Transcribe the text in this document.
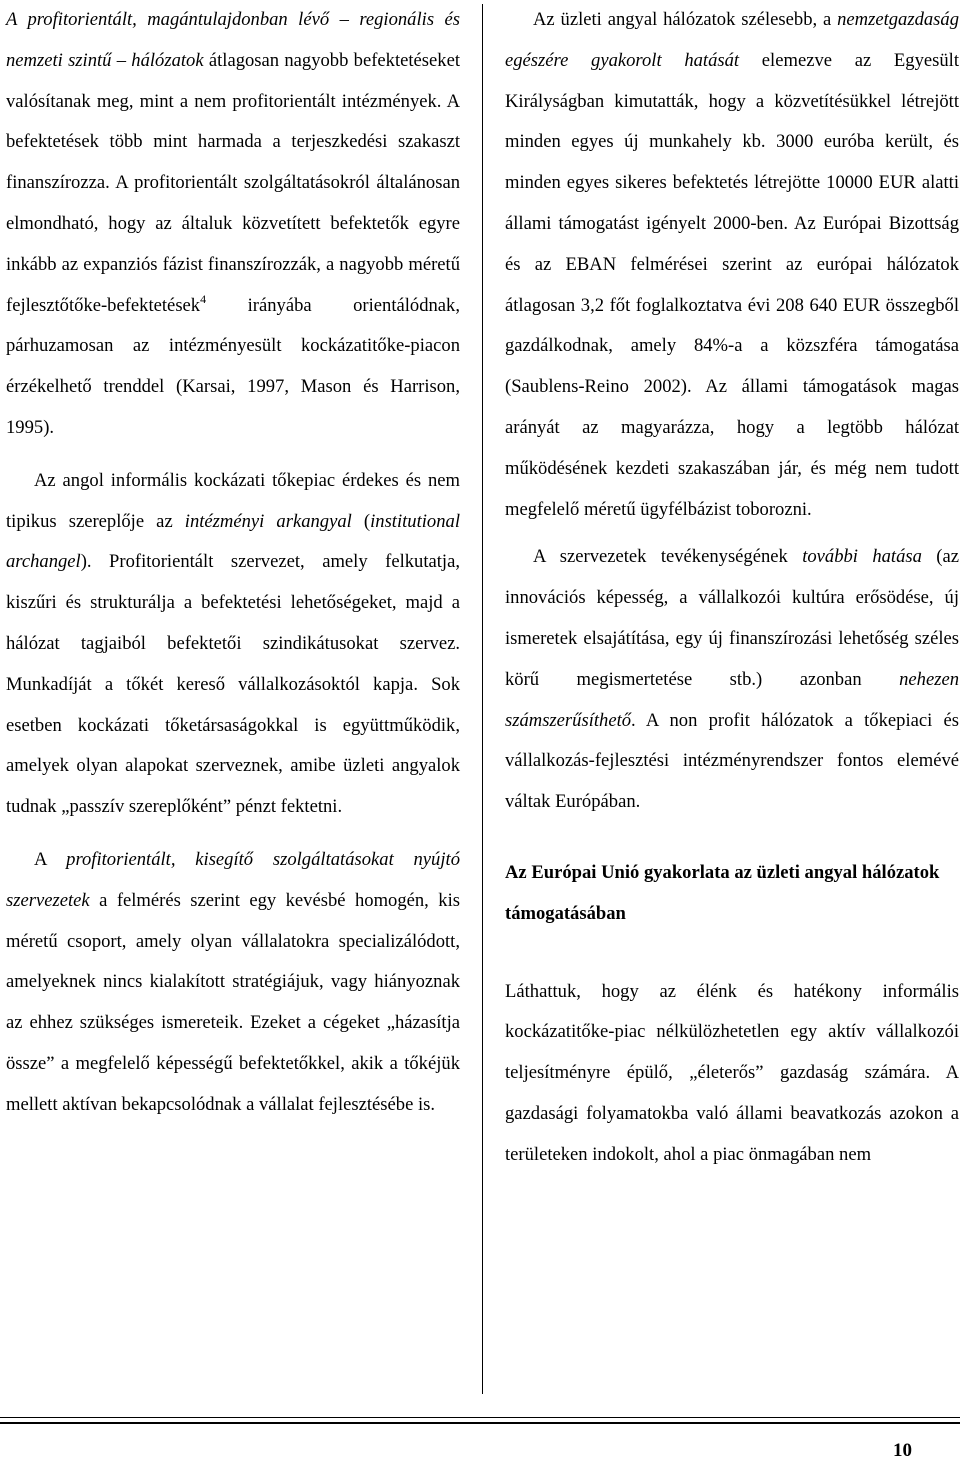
A profitorientált, magántulajdonban lévő – regionális és nemzeti szintű – hálózatok átlagosan nagyobb befektetéseket valósítanak meg, mint a nem profitorientált intézmények. A befektetések több mint harmada a terjeszkedési szakaszt finanszírozza. A profitorientált szolgáltatásokról általánosan elmondható, hogy az általuk közvetített befektetők egyre inkább az expanziós fázist finanszírozzák, a nagyobb méretű fejlesztőtőke-befektetések$^4$ irányába orientálódnak, párhuzamosan az intézményesült kockázatitőke-piacon érzékelhető trenddel (Karsai, 1997, Mason és Harrison, 1995).

Az angol informális kockázati tőkepiac érdekes és nem tipikus szereplője az intézményi arkangyal (institutional archangel). Profitorientált szervezet, amely felkutatja, kiszűri és strukturálja a befektetési lehetőségeket, majd a hálózat tagjaiból befektetői szindikátusokat szervez. Munkadíját a tőkét kereső vállalkozásoktól kapja. Sok esetben kockázati tőketársaságokkal is együttműködik, amelyek olyan alapokat szerveznek, amibe üzleti angyalok tudnak „passzív szereplőként” pénzt fektetni.

A profitorientált, kisegítő szolgáltatásokat nyújtó szervezetek a felmérés szerint egy kevésbé homogén, kis méretű csoport, amely olyan vállalatokra specializálódott, amelyeknek nincs kialakított stratégiájuk, vagy hiányoznak az ehhez szükséges ismereteik. Ezeket a cégeket „házasítja össze” a megfelelő képességű befektetőkkel, akik a tőkéjük mellett aktívan bekapcsolódnak a vállalat fejlesztésébe is.

Az üzleti angyal hálózatok szélesebb, a nemzetgazdaság egészére gyakorolt hatását elemezve az Egyesült Királyságban kimutatták, hogy a közvetítésükkel létrejött minden egyes új munkahely kb. 3000 euróba került, és minden egyes sikeres befektetés létrejötte 10000 EUR alatti állami támogatást igényelt 2000-ben. Az Európai Bizottság és az EBAN felmérései szerint az európai hálózatok átlagosan 3,2 főt foglalkoztatva évi 208 640 EUR összegből gazdálkodnak, amely 84%-a a közszféra támogatása (Saublens-Reino 2002). Az állami támogatások magas arányát az magyarázza, hogy a legtöbb hálózat működésének kezdeti szakaszában jár, és még nem tudott megfelelő méretű ügyfélbázist toborozni.

A szervezetek tevékenységének további hatása (az innovációs képesség, a vállalkozói kultúra erősödése, új ismeretek elsajátítása, egy új finanszírozási lehetőség széles körű megismertetése stb.) azonban nehezen számszerűsíthető. A non profit hálózatok a tőkepiaci és vállalkozás-fejlesztési intézményrendszer fontos elemévé váltak Európában.

Az Európai Unió gyakorlata az üzleti angyal hálózatok támogatásában

Láthattuk, hogy az élénk és hatékony informális kockázatitőke-piac nélkülözhetetlen egy aktív vállalkozói teljesítményre épülő, „életerős” gazdaság számára. A gazdasági folyamatokba való állami beavatkozás azokon a területeken indokolt, ahol a piac önmagában nem

10
